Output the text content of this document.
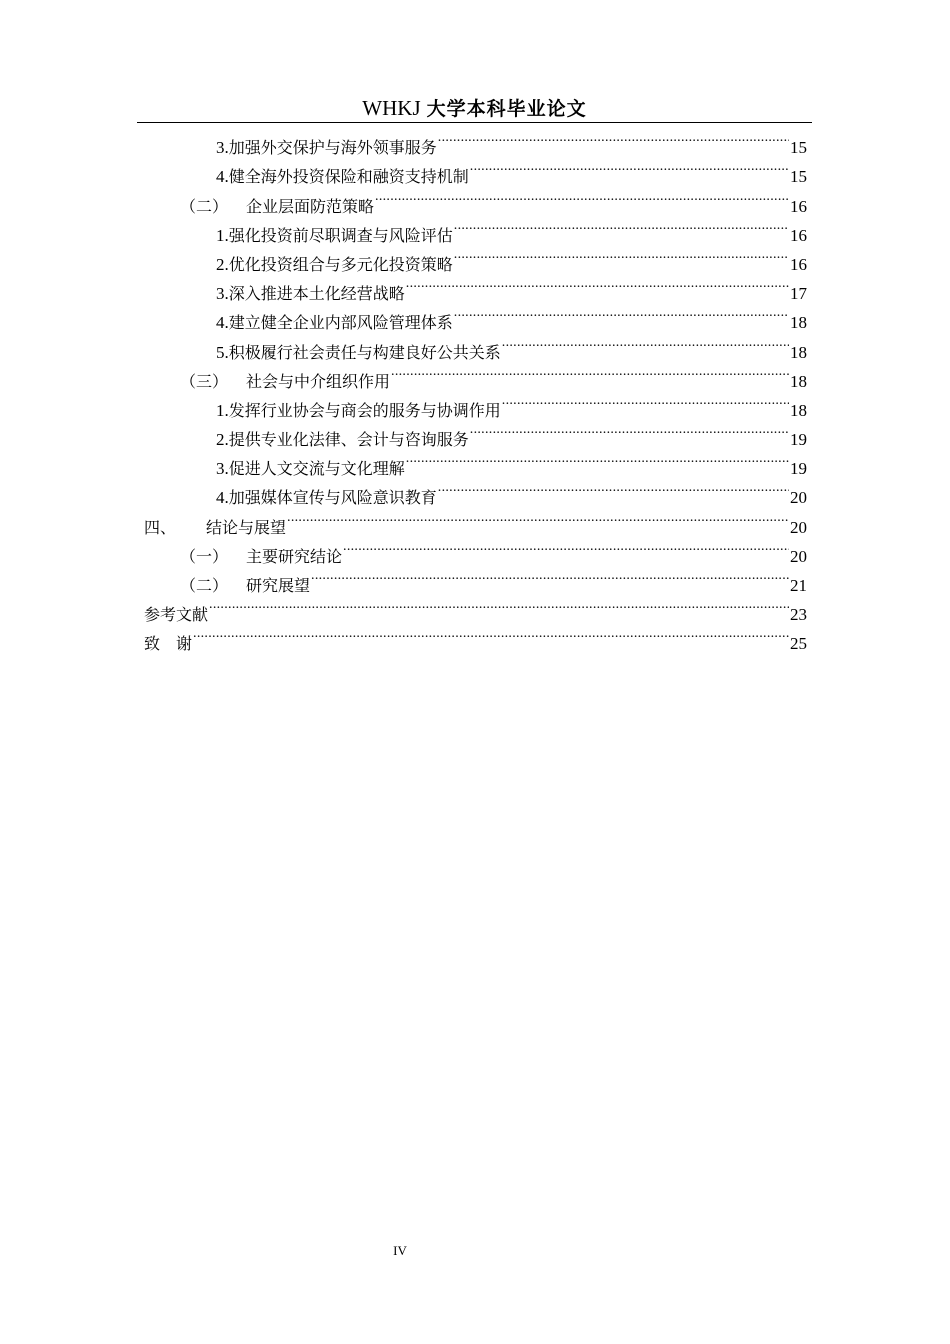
WHKJ 大学本科毕业论文
3.加强外交保护与海外领事服务 .....	15
4.健全海外投资保险和融资支持机制 .....	15
（二） 企业层面防范策略 .....	16
1.强化投资前尽职调查与风险评估 .....	16
2.优化投资组合与多元化投资策略 .....	16
3.深入推进本土化经营战略 .....	17
4.建立健全企业内部风险管理体系 .....	18
5.积极履行社会责任与构建良好公共关系 .....	18
（三） 社会与中介组织作用 .....	18
1.发挥行业协会与商会的服务与协调作用 .....	18
2.提供专业化法律、会计与咨询服务 .....	19
3.促进人文交流与文化理解 .....	19
4.加强媒体宣传与风险意识教育 .....	20
四、 结论与展望 .....	20
（一） 主要研究结论 .....	20
（二） 研究展望 .....	21
参考文献 .....	23
致　谢 .....	25
IV
